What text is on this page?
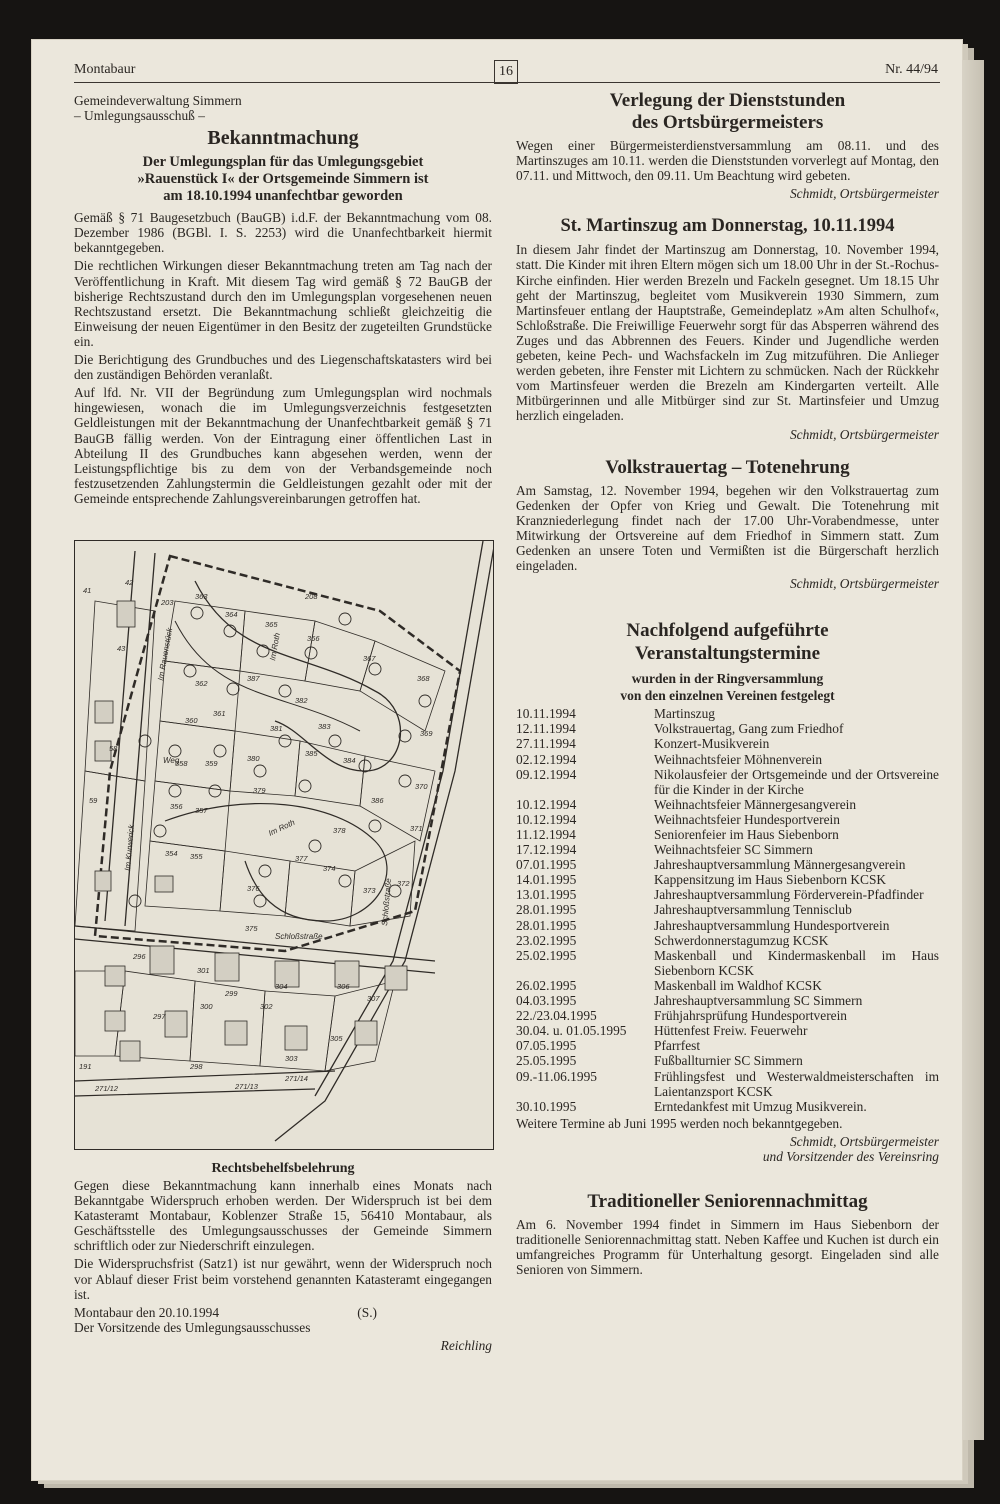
Montabaur	16	Nr. 44/94
Gemeindeverwaltung Simmern
– Umlegungsausschuß –
Bekanntmachung
Der Umlegungsplan für das Umlegungsgebiet
»Rauenstück I« der Ortsgemeinde Simmern ist
am 18.10.1994 unanfechtbar geworden

Gemäß § 71 Baugesetzbuch (BauGB) i.d.F. der Bekanntmachung vom 08. Dezember 1986 (BGBl. I. S. 2253) wird die Unanfechtbarkeit hiermit bekanntgegeben.

Die rechtlichen Wirkungen dieser Bekanntmachung treten am Tag nach der Veröffentlichung in Kraft. Mit diesem Tag wird gemäß § 72 BauGB der bisherige Rechtszustand durch den im Umlegungsplan vorgesehenen neuen Rechtszustand ersetzt. Die Bekanntmachung schließt gleichzeitig die Einweisung der neuen Eigentümer in den Besitz der zugeteilten Grundstücke ein.

Die Berichtigung des Grundbuches und des Liegenschaftskatasters wird bei den zuständigen Behörden veranlaßt.

Auf lfd. Nr. VII der Begründung zum Umlegungsplan wird nochmals hingewiesen, wonach die im Umlegungsverzeichnis festgesetzten Geldleistungen mit der Bekanntmachung der Unanfechtbarkeit gemäß § 71 BauGB fällig werden. Von der Eintragung einer öffentlichen Last in Abteilung II des Grundbuches kann abgesehen werden, wenn der Leistungspflichtige bis zu dem von der Verbandsgemeinde noch festzusetzenden Zahlungstermin die Geldleistungen gezahlt oder mit der Gemeinde entsprechende Zahlungsvereinbarungen getroffen hat.

208
363
364
365
366
367
368
369
370
371
372
361
362
360
359
358
357
356
355
354
376
377
378
379
380
381
382
383
384
385
386
375
374
373
387
296
297
298
299
300
301
302
303
304
305
306
307
191
271/12	271/13
271/14
59
58
42
41
43
203
Schloßstraße
Weg
Im Rauenstück	Im Roth
Im Roth
Schloßstraße
Im Kurwerick
Rechtsbehelfsbelehrung

Gegen diese Bekanntmachung kann innerhalb eines Monats nach Bekanntgabe Widerspruch erhoben werden. Der Widerspruch ist bei dem Katasteramt Montabaur, Koblenzer Straße 15, 56410 Montabaur, als Geschäftsstelle des Umlegungsausschusses der Gemeinde Simmern schriftlich oder zur Niederschrift einzulegen.

Die Widerspruchsfrist (Satz1) ist nur gewährt, wenn der Widerspruch noch vor Ablauf dieser Frist beim vorstehend genannten Katasteramt eingegangen ist.

Montabaur den 20.10.1994	(S.)
Der Vorsitzende des Umlegungsausschusses
Reichling
Verlegung der Dienststunden
des Ortsbürgermeisters

Wegen einer Bürgermeisterdienstversammlung am 08.11. und des Martinszuges am 10.11. werden die Dienststunden vorverlegt auf Montag, den 07.11. und Mittwoch, den 09.11. Um Beachtung wird gebeten.

Schmidt, Ortsbürgermeister
St. Martinszug am Donnerstag, 10.11.1994

In diesem Jahr findet der Martinszug am Donnerstag, 10. November 1994, statt. Die Kinder mit ihren Eltern mögen sich um 18.00 Uhr in der St.-Rochus-Kirche einfinden. Hier werden Brezeln und Fackeln gesegnet. Um 18.15 Uhr geht der Martinszug, begleitet vom Musikverein 1930 Simmern, zum Martinsfeuer entlang der Hauptstraße, Gemeindeplatz »Am alten Schulhof«, Schloßstraße. Die Freiwillige Feuerwehr sorgt für das Absperren während des Zuges und das Abbrennen des Feuers. Kinder und Jugendliche werden gebeten, keine Pech- und Wachsfackeln im Zug mitzuführen. Die Anlieger werden gebeten, ihre Fenster mit Lichtern zu schmücken. Nach der Rückkehr vom Martinsfeuer werden die Brezeln am Kindergarten verteilt. Alle Mitbürgerinnen und alle Mitbürger sind zur St. Martinsfeier und Umzug herzlich eingeladen.

Schmidt, Ortsbürgermeister
Volkstrauertag – Totenehrung

Am Samstag, 12. November 1994, begehen wir den Volkstrauertag zum Gedenken der Opfer von Krieg und Gewalt. Die Totenehrung mit Kranzniederlegung findet nach der 17.00 Uhr-Vorabendmesse, unter Mitwirkung der Ortsvereine auf dem Friedhof in Simmern statt. Zum Gedenken an unsere Toten und Vermißten ist die Bürgerschaft herzlich eingeladen.

Schmidt, Ortsbürgermeister
Nachfolgend aufgeführte
Veranstaltungstermine
wurden in der Ringversammlung
von den einzelnen Vereinen festgelegt
10.11.1994	Martinszug
12.11.1994	Volkstrauertag, Gang zum Friedhof
27.11.1994	Konzert-Musikverein
02.12.1994	Weihnachtsfeier Möhnenverein
09.12.1994	Nikolausfeier der Ortsgemeinde und der Ortsvereine für die Kinder in der Kirche
10.12.1994	Weihnachtsfeier Männergesangverein
10.12.1994	Weihnachtsfeier Hundesportverein
11.12.1994	Seniorenfeier im Haus Siebenborn
17.12.1994	Weihnachtsfeier SC Simmern
07.01.1995	Jahreshauptversammlung Männergesangverein
14.01.1995	Kappensitzung im Haus Siebenborn KCSK
13.01.1995	Jahreshauptversammlung Förderverein-Pfadfinder
28.01.1995	Jahreshauptversammlung Tennisclub
28.01.1995	Jahreshauptversammlung Hundesportverein
23.02.1995	Schwerdonnerstagumzug KCSK
25.02.1995	Maskenball und Kindermaskenball im Haus Siebenborn KCSK
26.02.1995	Maskenball im Waldhof KCSK
04.03.1995	Jahreshauptversammlung SC Simmern
22./23.04.1995	Frühjahrsprüfung Hundesportverein
30.04. u. 01.05.1995	Hüttenfest Freiw. Feuerwehr
07.05.1995	Pfarrfest
25.05.1995	Fußballturnier SC Simmern
09.-11.06.1995	Frühlingsfest und Westerwaldmeisterschaften im Laientanzsport KCSK
30.10.1995	Erntedankfest mit Umzug Musikverein.

Weitere Termine ab Juni 1995 werden noch bekanntgegeben.

Schmidt, Ortsbürgermeister
und Vorsitzender des Vereinsring
Traditioneller Seniorennachmittag

Am 6. November 1994 findet in Simmern im Haus Siebenborn der traditionelle Seniorennachmittag statt. Neben Kaffee und Kuchen ist durch ein umfangreiches Programm für Unterhaltung gesorgt. Eingeladen sind alle Senioren von Simmern.
